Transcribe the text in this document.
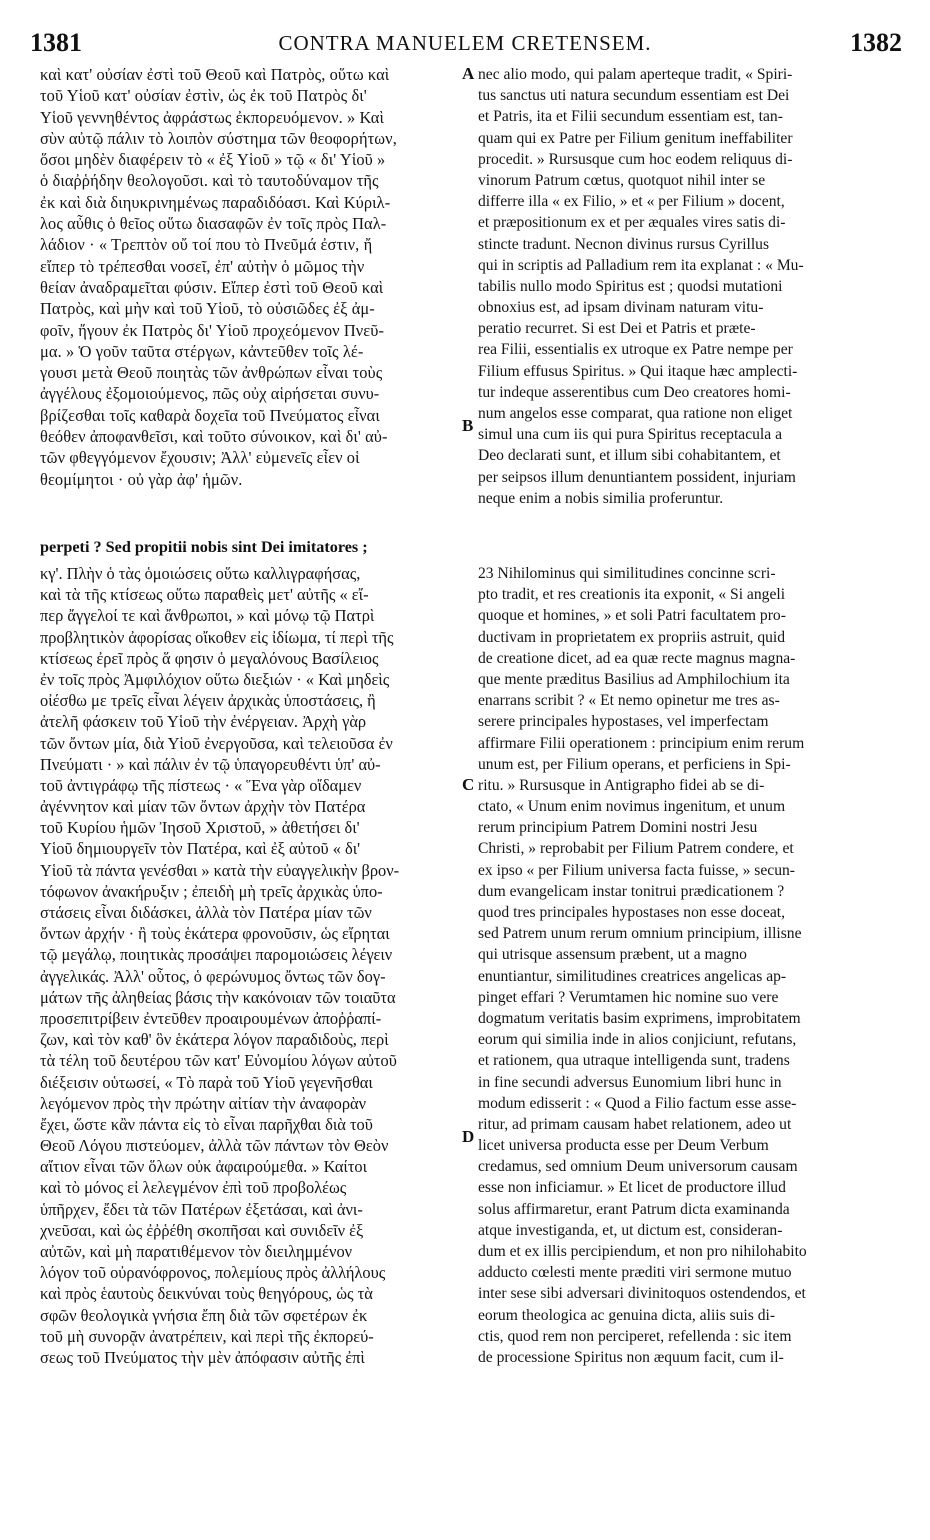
1381	CONTRA MANUELEM CRETENSEM.	1382
A
B
C
D
καὶ κατ' οὐσίαν ἐστὶ τοῦ Θεοῦ καὶ Πατρὸς, οὕτω καὶ
τοῦ Υἱοῦ κατ' οὐσίαν ἐστὶν, ὡς ἐκ τοῦ Πατρὸς δι'
Υἱοῦ γεννηθέντος ἀφράστως ἐκπορευόμενον. » Καὶ
σὺν αὐτῷ πάλιν τὸ λοιπὸν σύστημα τῶν θεοφορήτων,
ὅσοι μηδὲν διαφέρειν τὸ « ἐξ Υἱοῦ » τῷ « δι' Υἱοῦ »
ὁ διαῤῥήδην θεολογοῦσι. καὶ τὸ ταυτοδύναμον τῆς
ἐκ καὶ διὰ διηυκρινημένως παραδιδόασι. Καὶ Κύριλ-
λος αὖθις ὁ θεῖος οὕτω διασαφῶν ἐν τοῖς πρὸς Παλ-
λάδιον · « Τρεπτὸν οὔ τοί που τὸ Πνεῦμά ἐστιν, ἤ
εἴπερ τὸ τρέπεσθαι νοσεῖ, ἐπ' αὐτὴν ὁ μῶμος τὴν
θείαν ἀναδραμεῖται φύσιν. Εἴπερ ἐστὶ τοῦ Θεοῦ καὶ
Πατρὸς, καὶ μὴν καὶ τοῦ Υἱοῦ, τὸ οὐσιῶδες ἐξ ἀμ-
φοῖν, ἤγουν ἐκ Πατρὸς δι' Υἱοῦ προχεόμενον Πνεῦ-
μα. » Ὁ γοῦν ταῦτα στέργων, κἀντεῦθεν τοῖς λέ-
γουσι μετὰ Θεοῦ ποιητὰς τῶν ἀνθρώπων εἶναι τοὺς
ἀγγέλους ἐξομοιούμενος, πῶς οὐχ αἱρήσεται συνυ-
βρίζεσθαι τοῖς καθαρὰ δοχεῖα τοῦ Πνεύματος εἶναι
θεόθεν ἀποφανθεῖσι, καὶ τοῦτο σύνοικον, καὶ δι' αὐ-
τῶν φθεγγόμενον ἔχουσιν; Ἀλλ' εὐμενεῖς εἶεν οἱ
θεομίμητοι · οὐ γὰρ ἀφ' ἡμῶν.
nec alio modo, qui palam aperteque tradit, « Spiri-
tus sanctus uti natura secundum essentiam est Dei
et Patris, ita et Filii secundum essentiam est, tan-
quam qui ex Patre per Filium genitum ineffabiliter
procedit. » Rursusque cum hoc eodem reliquus di-
vinorum Patrum cœtus, quotquot nihil inter se
differre illa « ex Filio, » et « per Filium » docent,
et præpositionum ex et per æquales vires satis di-
stincte tradunt. Necnon divinus rursus Cyrillus
qui in scriptis ad Palladium rem ita explanat : « Mu-
tabilis nullo modo Spiritus est ; quodsi mutationi
obnoxius est, ad ipsam divinam naturam vitu-
peratio recurret. Si est Dei et Patris et præte-
rea Filii, essentialis ex utroque ex Patre nempe per
Filium effusus Spiritus. » Qui itaque hæc amplecti-
tur indeque asserentibus cum Deo creatores homi-
num angelos esse comparat, qua ratione non eliget
simul una cum iis qui pura Spiritus receptacula a
Deo declarati sunt, et illum sibi cohabitantem, et
per seipsos illum denuntiantem possident, injuriam
neque enim a nobis similia proferuntur.
perpeti ? Sed propitii nobis sint Dei imitatores ;
κγ'. Πλὴν ὁ τὰς ὁμοιώσεις οὕτω καλλιγραφήσας,
καὶ τὰ τῆς κτίσεως οὕτω παραθεὶς μετ' αὐτῆς « εἴ-
περ ἄγγελοί τε καὶ ἄνθρωποι, » καὶ μόνῳ τῷ Πατρὶ
προβλητικὸν ἀφορίσας οἴκοθεν εἰς ἰδίωμα, τί περὶ τῆς
κτίσεως ἐρεῖ πρὸς ἅ φησιν ὁ μεγαλόνους Βασίλειος
ἐν τοῖς πρὸς Ἀμφιλόχιον οὕτω διεξιών · « Καὶ μηδεὶς
οἰέσθω με τρεῖς εἶναι λέγειν ἀρχικὰς ὑποστάσεις, ἢ
ἀτελῆ φάσκειν τοῦ Υἱοῦ τὴν ἐνέργειαν. Ἀρχὴ γὰρ
τῶν ὄντων μία, διὰ Υἱοῦ ἐνεργοῦσα, καὶ τελειοῦσα ἐν
Πνεύματι · » καὶ πάλιν ἐν τῷ ὑπαγορευθέντι ὑπ' αὐ-
τοῦ ἀντιγράφῳ τῆς πίστεως · « Ἕνα γὰρ οἴδαμεν
ἀγέννητον καὶ μίαν τῶν ὄντων ἀρχὴν τὸν Πατέρα
τοῦ Κυρίου ἡμῶν Ἰησοῦ Χριστοῦ, » ἀθετήσει δι'
Υἱοῦ δημιουργεῖν τὸν Πατέρα, καὶ ἐξ αὐτοῦ « δι'
Υἱοῦ τὰ πάντα γενέσθαι » κατὰ τὴν εὐαγγελικὴν βρον-
τόφωνον ἀνακήρυξιν ; ἐπειδὴ μὴ τρεῖς ἀρχικὰς ὑπο-
στάσεις εἶναι διδάσκει, ἀλλὰ τὸν Πατέρα μίαν τῶν
ὄντων ἀρχήν · ἢ τοὺς ἑκάτερα φρονοῦσιν, ὡς εἴρηται
τῷ μεγάλῳ, ποιητικὰς προσάψει παρομοιώσεις λέγειν
ἀγγελικάς. Ἀλλ' οὗτος, ὁ φερώνυμος ὄντως τῶν δογ-
μάτων τῆς ἀληθείας βάσις τὴν κακόνοιαν τῶν τοιαῦτα
προσεπιτρίβειν ἐντεῦθεν προαιρουμένων ἀποῤῥαπί-
ζων, καὶ τὸν καθ' ὃν ἑκάτερα λόγον παραδιδοὺς, περὶ
τὰ τέλη τοῦ δευτέρου τῶν κατ' Εὐνομίου λόγων αὐτοῦ
διέξεισιν οὑτωσεί, « Τὸ παρὰ τοῦ Υἱοῦ γεγενῆσθαι
λεγόμενον πρὸς τὴν πρώτην αἰτίαν τὴν ἀναφορὰν
ἔχει, ὥστε κἂν πάντα εἰς τὸ εἶναι παρῆχθαι διὰ τοῦ
Θεοῦ Λόγου πιστεύομεν, ἀλλὰ τῶν πάντων τὸν Θεὸν
αἴτιον εἶναι τῶν ὅλων οὐκ ἀφαιρούμεθα. » Καίτοι
καὶ τὸ μόνος εἰ λελεγμένον ἐπὶ τοῦ προβολέως
ὑπῆρχεν, ἔδει τὰ τῶν Πατέρων ἐξετάσαι, καὶ ἀνι-
χνεῦσαι, καὶ ὡς ἐῤῥέθη σκοπῆσαι καὶ συνιδεῖν ἐξ
αὐτῶν, καὶ μὴ παρατιθέμενον τὸν διειλημμένον
λόγον τοῦ οὐρανόφρονος, πολεμίους πρὸς ἀλλήλους
καὶ πρὸς ἑαυτοὺς δεικνύναι τοὺς θεηγόρους, ὡς τὰ
σφῶν θεολογικὰ γνήσια ἔπη διὰ τῶν σφετέρων ἐκ
τοῦ μὴ συνορᾷν ἀνατρέπειν, καὶ περὶ τῆς ἐκπορεύ-
σεως τοῦ Πνεύματος τὴν μὲν ἀπόφασιν αὐτῆς ἐπὶ
23 Nihilominus qui similitudines concinne scri-
pto tradit, et res creationis ita exponit, « Si angeli
quoque et homines, » et soli Patri facultatem pro-
ductivam in proprietatem ex propriis astruit, quid
de creatione dicet, ad ea quæ recte magnus magna-
que mente præditus Basilius ad Amphilochium ita
enarrans scribit ? « Et nemo opinetur me tres as-
serere principales hypostases, vel imperfectam
affirmare Filii operationem : principium enim rerum
unum est, per Filium operans, et perficiens in Spi-
ritu. » Rursusque in Antigrapho fidei ab se di-
ctato, « Unum enim novimus ingenitum, et unum
rerum principium Patrem Domini nostri Jesu
Christi, » reprobabit per Filium Patrem condere, et
ex ipso « per Filium universa facta fuisse, » secun-
dum evangelicam instar tonitrui prædicationem ?
quod tres principales hypostases non esse doceat,
sed Patrem unum rerum omnium principium, illisne
qui utrisque assensum præbent, ut a magno
enuntiantur, similitudines creatrices angelicas ap-
pinget effari ? Verumtamen hic nomine suo vere
dogmatum veritatis basim exprimens, improbitatem
eorum qui similia inde in alios conjiciunt, refutans,
et rationem, qua utraque intelligenda sunt, tradens
in fine secundi adversus Eunomium libri hunc in
modum edisserit : « Quod a Filio factum esse asse-
ritur, ad primam causam habet relationem, adeo ut
licet universa producta esse per Deum Verbum
credamus, sed omnium Deum universorum causam
esse non inficiamur. » Et licet de productore illud
solus affirmaretur, erant Patrum dicta examinanda
atque investiganda, et, ut dictum est, consideran-
dum et ex illis percipiendum, et non pro nihilohabito
adducto cœlesti mente præditi viri sermone mutuo
inter sese sibi adversari divinitoquos ostendendos, et
eorum theologica ac genuina dicta, aliis suis di-
ctis, quod rem non perciperet, refellenda : sic item
de processione Spiritus non æquum facit, cum il-
